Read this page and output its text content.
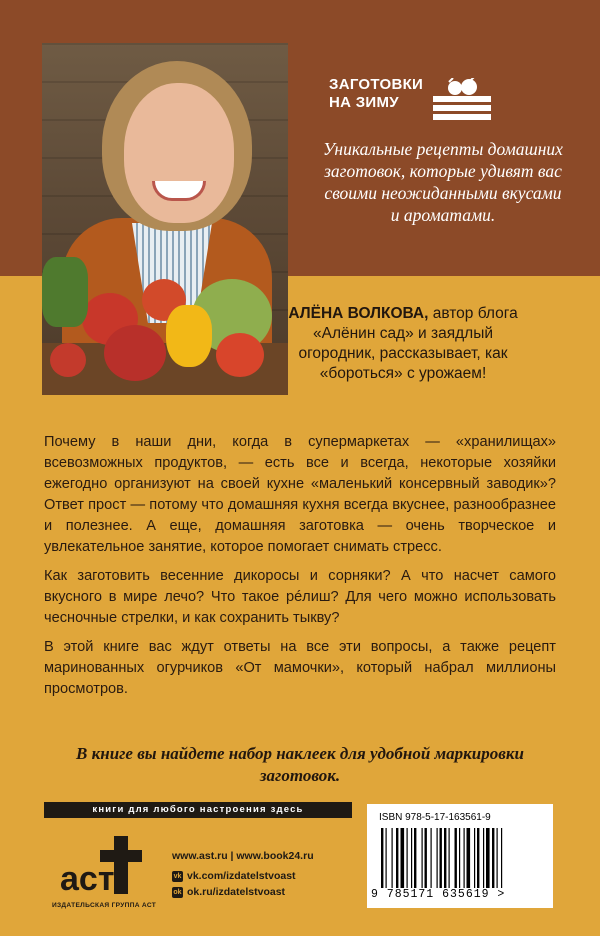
ЗАГОТОВКИ
НА ЗИМУ
Уникальные рецепты домашних заготовок, которые удивят вас своими неожиданными вкусами и ароматами.
АЛЁНА ВОЛКОВА, автор блога «Алёнин сад» и заядлый огородник, рассказывает, как «бороться» с урожаем!

Почему в наши дни, когда в супермаркетах — «хранилищах» всевозможных продуктов, — есть все и всегда, некоторые хозяйки ежегодно организуют на своей кухне «маленький консервный заводик»? Ответ прост — потому что домашняя кухня всегда вкуснее, разнообразнее и полезнее. А еще, домашняя заготовка — очень творческое и увлекательное занятие, которое помогает снимать стресс.

Как заготовить весенние дикоросы и сорняки? А что насчет самого вкусного в мире лечо? Что такое рéлиш? Для чего можно использовать чесночные стрелки, и как сохранить тыкву?

В этой книге вас ждут ответы на все эти вопросы, а также рецепт маринованных огурчиков «От мамочки», который набрал миллионы просмотров.

В книге вы найдете набор наклеек для удобной маркировки заготовок.
книги для любого настроения здесь
аст
ИЗДАТЕЛЬСКАЯ ГРУППА АСТ
www.ast.ru | www.book24.ru
vk vk.com/izdatelstvoast
ok ok.ru/izdatelstvoast
ISBN 978-5-17-163561-9
9 785171 635619 >
